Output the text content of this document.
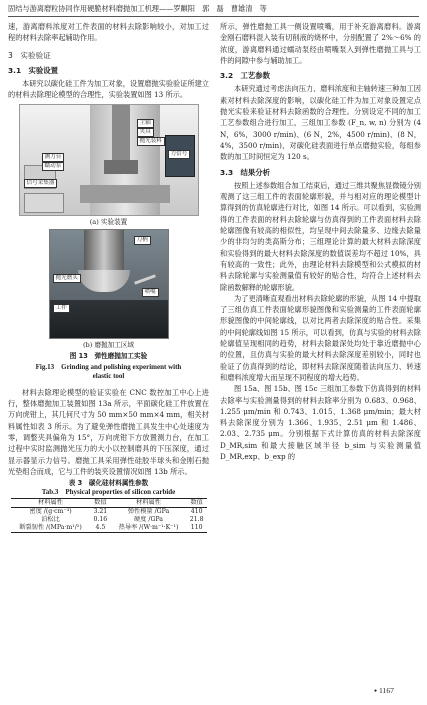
固结与游离磨粒协同作用硬脆材料磨抛加工机理——罗麒阳　郭　磊　曹雄清　等

速，游离磨料浓度对工件表面的材料去除影响较小，对加工过程的材料去除率起辅助作用。

3　实验验证
3.1　实验设置

本研究以碳化硅工件为加工对象，设置磨抛实验验证所建立的材料去除理论模型的合理性，实验装置如图 13 所示。

主轴
夹具
抛光装料
测力台	力信号
蠕动泵
信号采集器
(a) 实验装置
刀柄
抛光磨头
喷嘴
工件
(b) 磨抛加工区域
图 13　弹性磨抛加工实验
Fig.13　Grinding and polishing experiment with
elastic tool

材料去除理论模型的验证实验在 CNC 数控加工中心上进行，整体磨抛加工装置如图 13a 所示，平面碳化硅工件放置在万向虎钳上，其几何尺寸为 50 mm×50 mm×4 mm，相关材料属性如表 3 所示。为了避免弹性磨抛工具发生中心处速度为零，调整夹具偏角为 15°，万向虎钳下方放置测力台，在加工过程中实时监测抛光压力的大小以控制磨具的下压深度，通过显示器显示力信号。磨抛工具采用弹性硅胶半球头和金刚石抛光垫组合而成，它与工件的装夹设置情况如图 13b 所示。

表 3　碳化硅材料属性参数
Tab.3　Physical properties of silicon carbide
材料属性	数值	材料属性	数值
密度 /(g·cm⁻³)	3.21	弹性模量 /GPa	410
泊松比	0.16	硬度 /GPa	21.8
断裂韧性 /(MPa·m¹/²)	4.5	热导率 /(W·m⁻¹·K⁻¹)	110

所示，弹性磨抛工具一侧设置喷嘴，用于补充游离磨料。游离金刚石磨料混入装有切削液的烧杯中，分别配置了 2%～6% 的浓度，游离磨料通过蠕动泵经由喷嘴泵入到弹性磨抛工具与工件的间隙中参与辅助加工。

3.2　工艺参数

本研究通过考虑法向压力、磨料浓度和主轴转速三种加工因素对材料去除深度的影响，以碳化硅工件为加工对象设置定点抛光实验来验证材料去除函数的合理性。分别设定不同的加工工艺参数组合进行加工，三组加工参数 (F_n, w, n) 分别为 (4 N，6%，3000 r/min)、(6 N，2%，4500 r/min)、(8 N，4%，3500 r/min)，对碳化硅表面进行单点磨抛实验，每组参数的加工时间恒定为 120 s。

3.3　结果分析

按照上述参数组合加工结束后，通过三维共聚焦显微镜分别观测了这三组工件的表面轮廓形貌，并与相对应的理论模型计算得到的仿真轮廓进行对比，如图 14 所示。可以看到，实验测得的工件表面的材料去除轮廓与仿真得到的工件表面材料去除轮廓图像有较高的相似性，均呈现中间去除量多、边缘去除量少的非均匀的类高斯分布；三组理论计算的最大材料去除深度和实验得到的最大材料去除深度的数值误差均不超过 10%，具有较高的一致性；此外，由理论材料去除模型和公式模拟的材料去除轮廓与实验测量值有较好的贴合性，均符合上述材料去除函数解释的轮廓形貌。

为了更清晰直观看出材料去除轮廓的形貌，从图 14 中提取了三组仿真工件表面轮廓形貌图像和实验测量的工件表面轮廓形貌图像的中间轮廓线，以对比两者去除深度的贴合性。采集的中间轮廓线如图 15 所示，可以看到，仿真与实验的材料去除轮廓值呈现相同的趋势，材料去除最深处均处于靠近磨抛中心的位置，且仿真与实验的最大材料去除深度差别较小，同时也验证了仿真得到的结论，即材料去除深度随着法向压力、转速和磨料浓度增大而呈现不同程度的增大趋势。

图 15a、图 15b、图 15c 三组加工参数下仿真得到的材料去除率与实验测量得到的材料去除率分别为 0.683、0.968、1.255 μm/min 和 0.743、1.015、1.368 μm/min；最大材料去除深度分别为 1.366、1.935、2.51 μm 和 1.486、2.03、2.735 μm。分别根据下式计算仿真的材料去除深度 D_MR,sim 和最大接触区域半径 b_sim 与实验测量值 D_MR,exp、b_exp 的

● 1167
